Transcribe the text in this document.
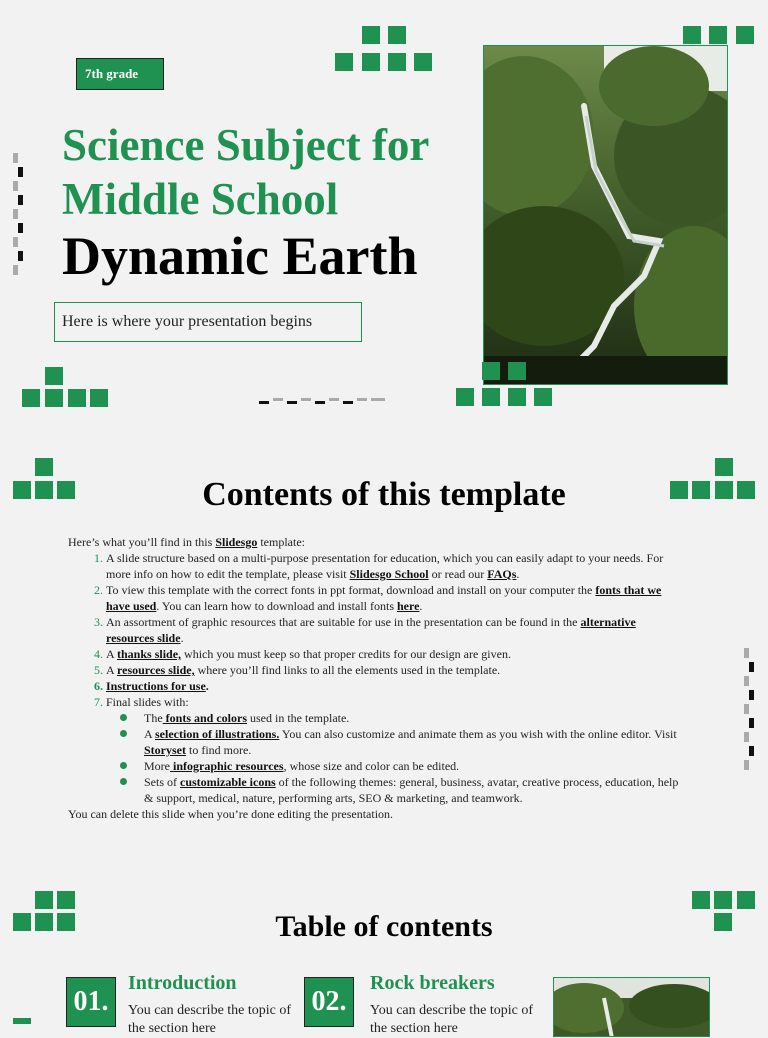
7th grade
Science Subject for
Middle School
Dynamic Earth
Here is where your presentation begins
Contents of this template

Here’s what you’ll find in this Slidesgo template:

1. A slide structure based on a multi-purpose presentation for education, which you can easily adapt to your needs. For more info on how to edit the template, please visit Slidesgo School or read our FAQs.
2. To view this template with the correct fonts in ppt format, download and install on your computer the fonts that we have used. You can learn how to download and install fonts here.
3. An assortment of graphic resources that are suitable for use in the presentation can be found in the alternative resources slide.
4. A thanks slide, which you must keep so that proper credits for our design are given.
5. A resources slide, where you’ll find links to all the elements used in the template.
6. Instructions for use.
7. Final slides with:
The fonts and colors used in the template.
A selection of illustrations. You can also customize and animate them as you wish with the online editor. Visit Storyset to find more.
More infographic resources, whose size and color can be edited.
Sets of customizable icons of the following themes: general, business, avatar, creative process, education, help & support, medical, nature, performing arts, SEO & marketing, and teamwork.

You can delete this slide when you’re done editing the presentation.

Table of contents
01.
Introduction
You can describe the topic of the section here
02.
Rock breakers
You can describe the topic of the section here
